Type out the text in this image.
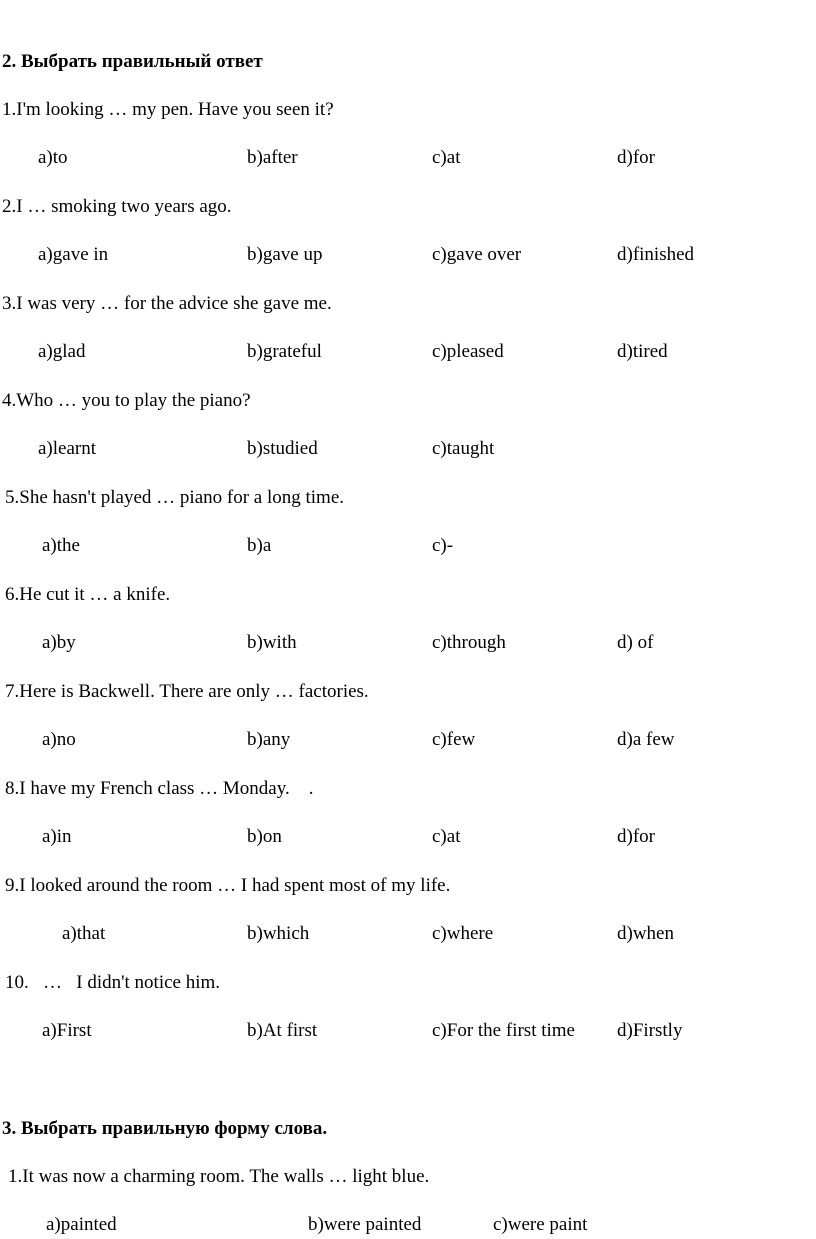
2. Выбрать правильный ответ
1.I'm looking … my pen. Have you seen it?
a)to	b)after	c)at	d)for
2.I … smoking two years ago.
a)gave in	b)gave up	c)gave over	d)finished
3.I was very … for the advice she gave me.
a)glad	b)grateful	c)pleased	d)tired
4.Who … you to play the piano?
a)learnt	b)studied	c)taught
5.She hasn't played … piano for a long time.
a)the	b)a	c)-
6.He cut it … a knife.
a)by	b)with	c)through	d) of
7.Here is Backwell. There are only … factories.
a)no	b)any	c)few	d)a few
8.I have my French class … Monday.    .
a)in	b)on	c)at	d)for
9.I looked around the room … I had spent most of my life.
a)that	b)which	c)where	d)when
10.   …   I didn't notice him.
a)First	b)At first	c)For the first time d)Firstly
3. Выбрать правильную форму слова.
1.It was now a charming room. The walls … light blue.
a)painted	b)were painted	c)were paint
